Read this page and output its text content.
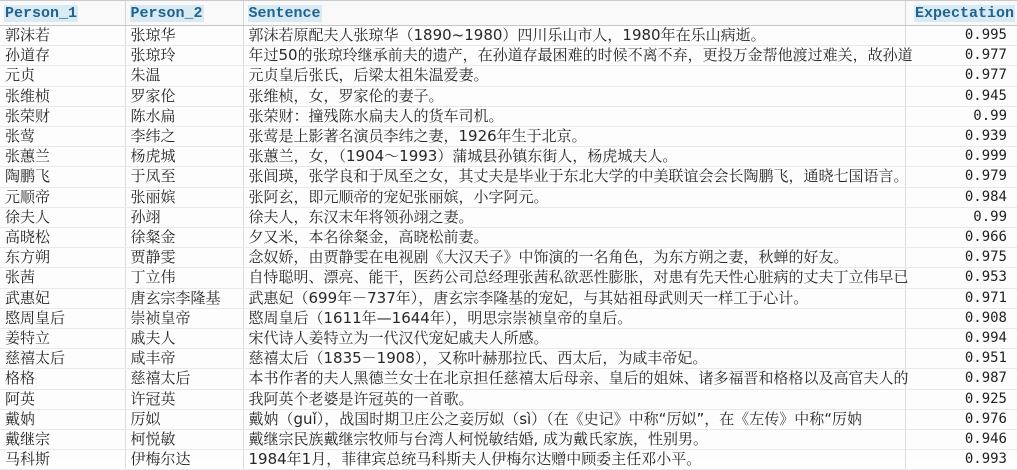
Person_1	Person_2	Sentence	Expectation
郭沫若	张琼华	郭沫若原配夫人张琼华（1890~1980）四川乐山市人，1980年在乐山病逝。	0.995
孙道存	张琼玲	年过50的张琼玲继承前夫的遗产，在孙道存最困难的时候不离不弃，更投万金帮他渡过难关，故孙道	0.977
元贞	朱温	元贞皇后张氏，后梁太祖朱温爱妻。	0.977
张维桢	罗家伦	张维桢，女，罗家伦的妻子。	0.945
张荣财	陈水扁	张荣财：撞残陈水扁夫人的货车司机。	0.99
张莺	李纬之	张莺是上影著名演员李纬之妻，1926年生于北京。	0.939
张蕙兰	杨虎城	张蕙兰，女，（1904～1993）蒲城县孙镇东街人，杨虎城夫人。	0.999
陶鹏飞	于凤至	张闾瑛，张学良和于凤至之女，其丈夫是毕业于东北大学的中美联谊会会长陶鹏飞，通晓七国语言。	0.979
元顺帝	张丽嫔	张阿玄，即元顺帝的宠妃张丽嫔，小字阿元。	0.984
徐夫人	孙翊	徐夫人，东汉末年将领孙翊之妻。	0.99
高晓松	徐粲金	夕又米，本名徐粲金，高晓松前妻。	0.966
东方朔	贾静雯	念奴娇，由贾静雯在电视剧《大汉天子》中饰演的一名角色，为东方朔之妻，秋蝉的好友。	0.975
张茜	丁立伟	自恃聪明、漂亮、能干，医药公司总经理张茜私欲恶性膨胀，对患有先天性心脏病的丈夫丁立伟早已	0.953
武惠妃	唐玄宗李隆基	武惠妃（699年－737年），唐玄宗李隆基的宠妃，与其姑祖母武则天一样工于心计。	0.971
愍周皇后	崇祯皇帝	愍周皇后（1611年—1644年），明思宗崇祯皇帝的皇后。	0.908
姜特立	戚夫人	宋代诗人姜特立为一代汉代宠妃戚夫人所感。	0.994
慈禧太后	咸丰帝	慈禧太后（1835－1908），又称叶赫那拉氏、西太后，为咸丰帝妃。	0.951
格格	慈禧太后	本书作者的夫人黑德兰女士在北京担任慈禧太后母亲、皇后的姐妹、诸多福晋和格格以及高官夫人的	0.987
阿英	许冠英	我阿英个老婆是许冠英的一首歌。	0.925
戴妠	厉姒	戴妠（guǐ），战国时期卫庄公之妾厉姒（sì）（在《史记》中称“厉姒”，在《左传》中称“厉妠	0.976
戴继宗	柯悦敏	戴继宗民族戴继宗牧师与台湾人柯悦敏结婚, 成为戴氏家族，性别男。	0.946
马科斯	伊梅尔达	1984年1月，菲律宾总统马科斯夫人伊梅尔达赠中顾委主任邓小平。	0.993
